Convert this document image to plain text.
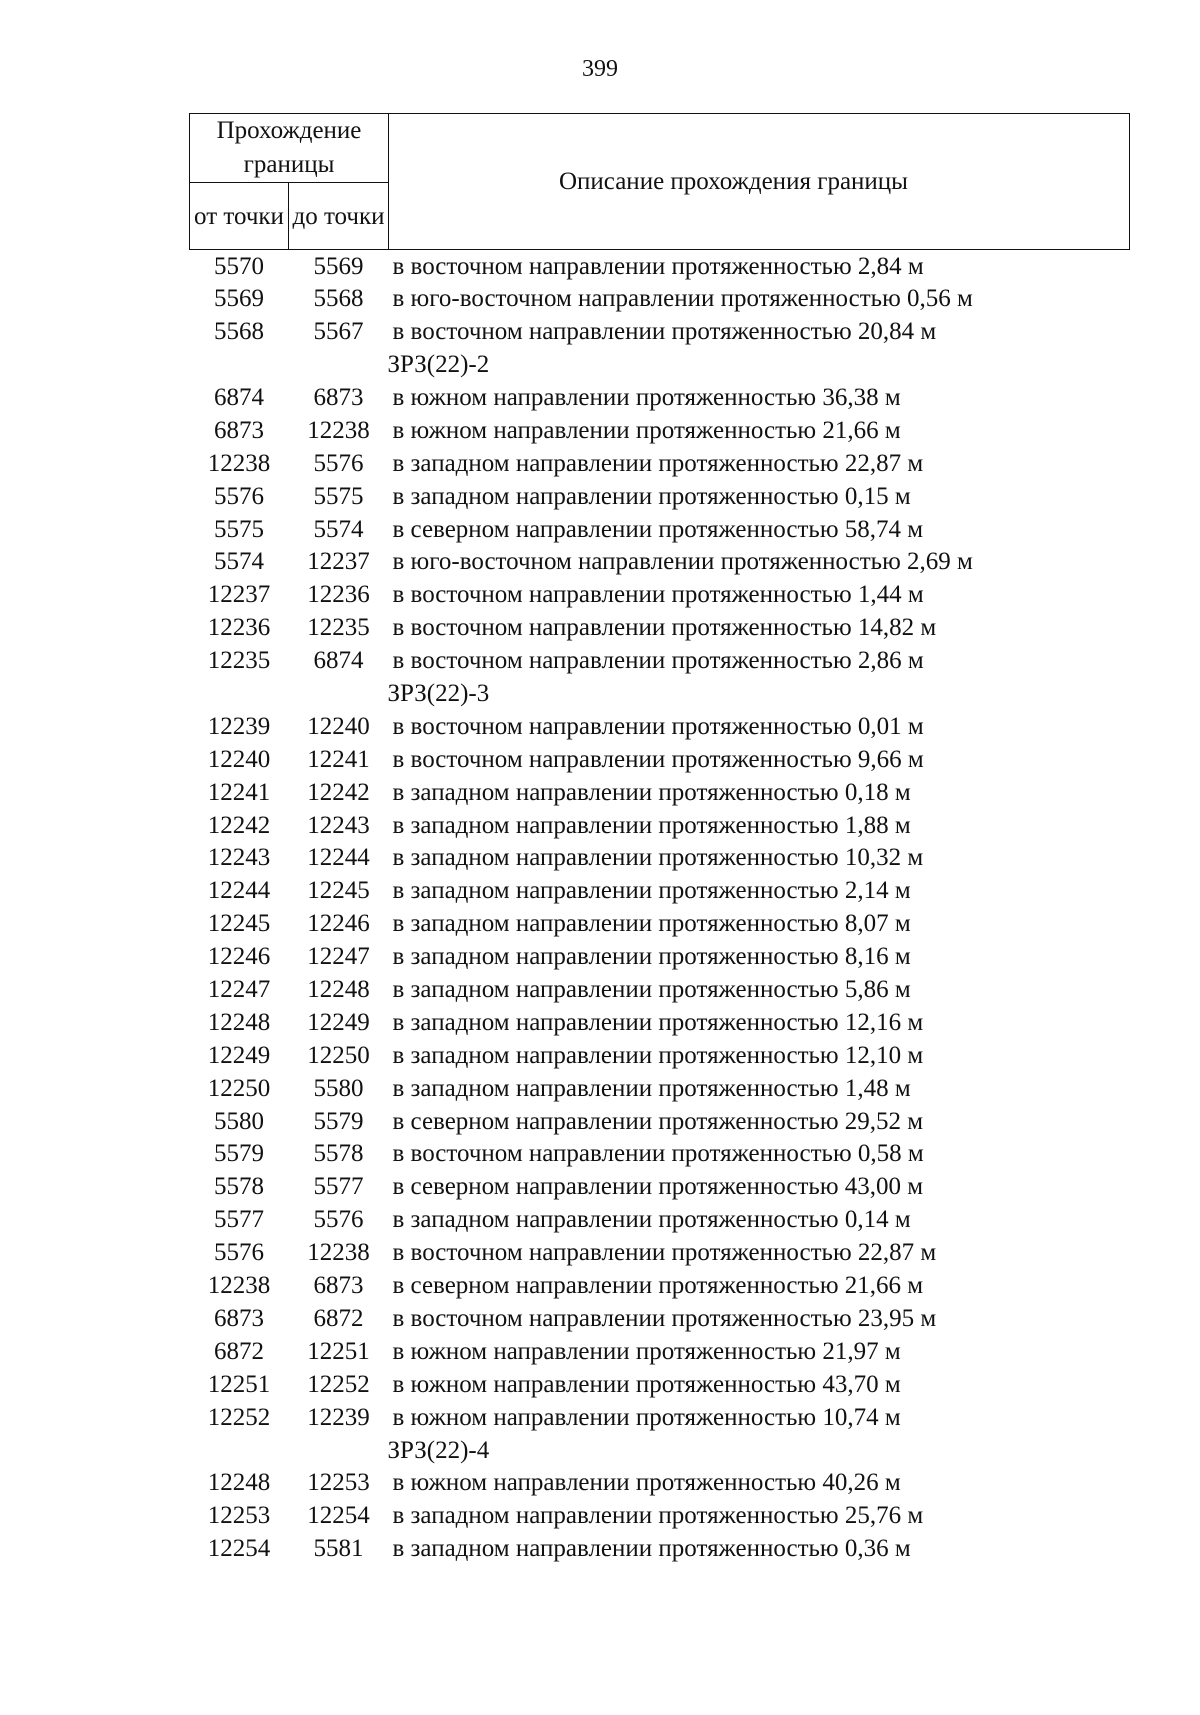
399
Прохождение границы		Описание прохождения границы

от точки	до точки	
5570	5569	в восточном направлении протяженностью 2,84 м
5569	5568	в юго-восточном направлении протяженностью 0,56 м
5568	5567	в восточном направлении протяженностью 20,84 м
ЗРЗ(22)-2		
6874	6873	в южном направлении протяженностью 36,38 м
6873	12238	в южном направлении протяженностью 21,66 м
12238	5576	в западном направлении протяженностью 22,87 м
5576	5575	в западном направлении протяженностью 0,15 м
5575	5574	в северном направлении протяженностью 58,74 м
5574	12237	в юго-восточном направлении протяженностью 2,69 м
12237	12236	в восточном направлении протяженностью 1,44 м
12236	12235	в восточном направлении протяженностью 14,82 м
12235	6874	в восточном направлении протяженностью 2,86 м
ЗРЗ(22)-3		
12239	12240	в восточном направлении протяженностью 0,01 м
12240	12241	в восточном направлении протяженностью 9,66 м
12241	12242	в западном направлении протяженностью 0,18 м
12242	12243	в западном направлении протяженностью 1,88 м
12243	12244	в западном направлении протяженностью 10,32 м
12244	12245	в западном направлении протяженностью 2,14 м
12245	12246	в западном направлении протяженностью 8,07 м
12246	12247	в западном направлении протяженностью 8,16 м
12247	12248	в западном направлении протяженностью 5,86 м
12248	12249	в западном направлении протяженностью 12,16 м
12249	12250	в западном направлении протяженностью 12,10 м
12250	5580	в западном направлении протяженностью 1,48 м
5580	5579	в северном направлении протяженностью 29,52 м
5579	5578	в восточном направлении протяженностью 0,58 м
5578	5577	в северном направлении протяженностью 43,00 м
5577	5576	в западном направлении протяженностью 0,14 м
5576	12238	в восточном направлении протяженностью 22,87 м
12238	6873	в северном направлении протяженностью 21,66 м
6873	6872	в восточном направлении протяженностью 23,95 м
6872	12251	в южном направлении протяженностью 21,97 м
12251	12252	в южном направлении протяженностью 43,70 м
12252	12239	в южном направлении протяженностью 10,74 м
ЗРЗ(22)-4		
12248	12253	в южном направлении протяженностью 40,26 м
12253	12254	в западном направлении протяженностью 25,76 м
12254	5581	в западном направлении протяженностью 0,36 м
